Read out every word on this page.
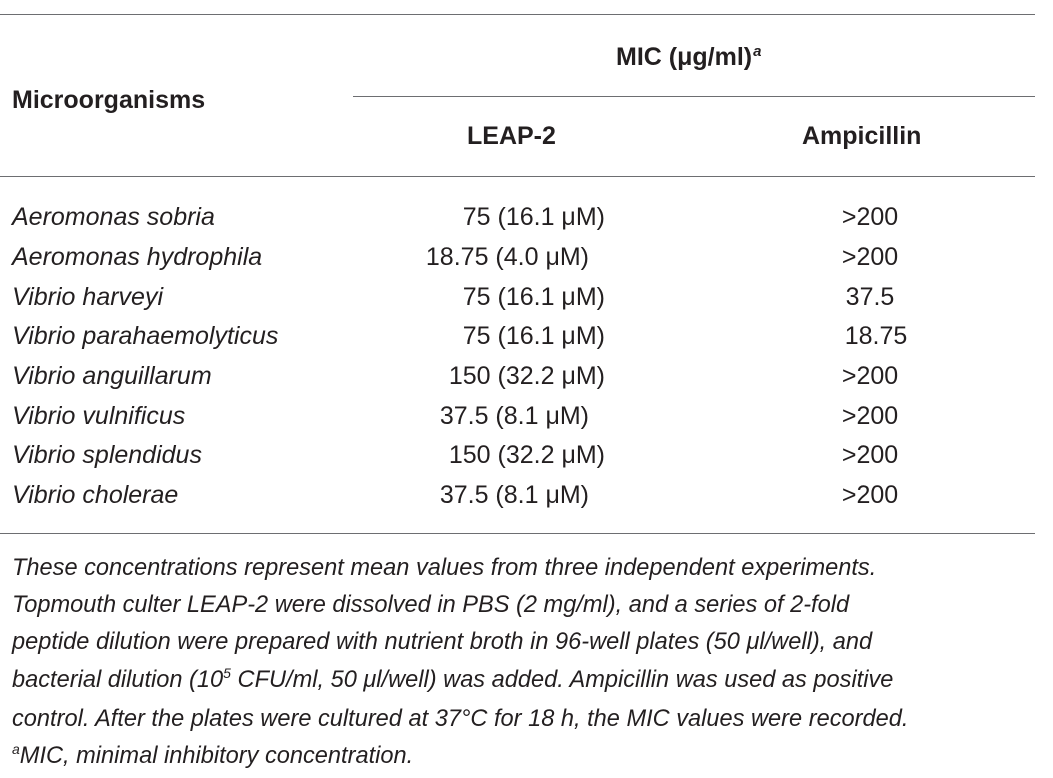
Microorganisms
MIC $(\mu g/ml)^a$
LEAP-2	Ampicillin
Aeromonas sobria	75 (16.1 μM)	>200
Aeromonas hydrophila	18.75 (4.0 μM)	>200
Vibrio harveyi	75 (16.1 μM)	37.5
Vibrio parahaemolyticus	75 (16.1 μM)	18.75
Vibrio anguillarum	150 (32.2 μM)	>200
Vibrio vulnificus	37.5 (8.1 μM)	>200
Vibrio splendidus	150 (32.2 μM)	>200
Vibrio cholerae	37.5 (8.1 μM)	>200

These concentrations represent mean values from three independent experiments.

Topmouth culter LEAP-2 were dissolved in PBS (2 mg/ml), and a series of 2-fold

peptide dilution were prepared with nutrient broth in 96-well plates (50 μl/well), and

bacterial dilution ($10^5$ CFU/ml, 50 μl/well) was added. Ampicillin was used as positive

control. After the plates were cultured at 37°C for 18 h, the MIC values were recorded.

$^a$MIC, minimal inhibitory concentration.
